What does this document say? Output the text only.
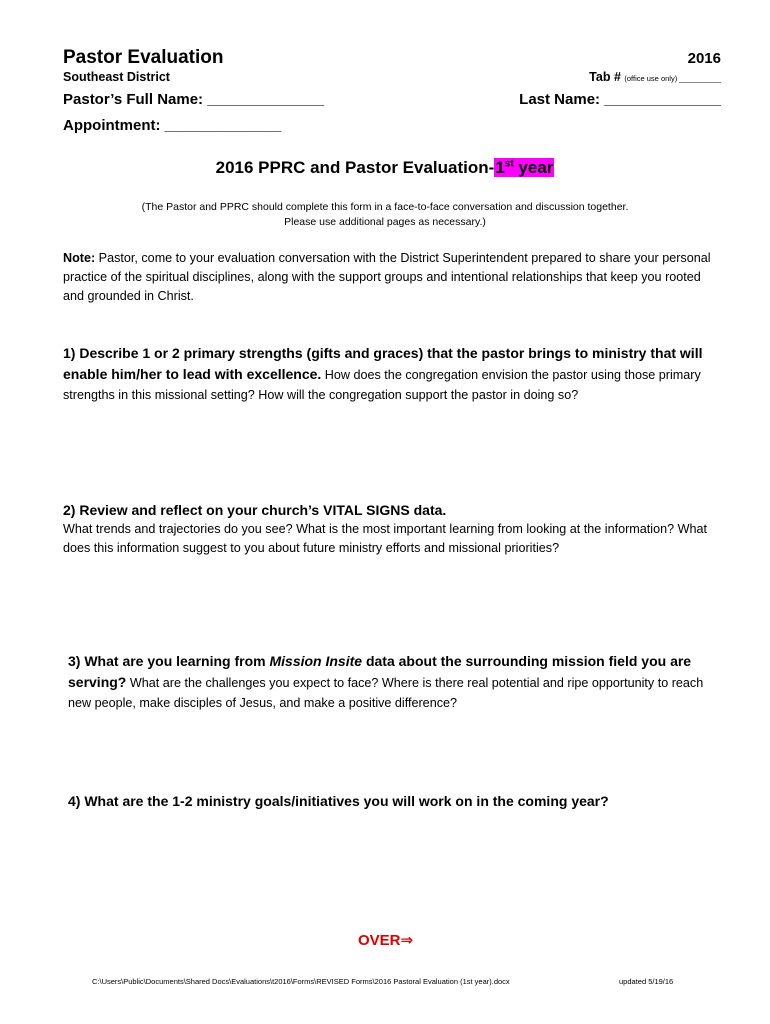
Pastor Evaluation	2016
Southeast District	Tab # (office use only) __________
Pastor’s Full Name: ______________	Last Name: ______________
Appointment: ______________
2016 PPRC and Pastor Evaluation-1st year
(The Pastor and PPRC should complete this form in a face-to-face conversation and discussion together.
Please use additional pages as necessary.)
Note: Pastor, come to your evaluation conversation with the District Superintendent prepared to share your personal practice of the spiritual disciplines, along with the support groups and intentional relationships that keep you rooted and grounded in Christ.
1) Describe 1 or 2 primary strengths (gifts and graces) that the pastor brings to ministry that will enable him/her to lead with excellence. How does the congregation envision the pastor using those primary strengths in this missional setting? How will the congregation support the pastor in doing so?
2) Review and reflect on your church’s VITAL SIGNS data.
What trends and trajectories do you see? What is the most important learning from looking at the information? What does this information suggest to you about future ministry efforts and missional priorities?
3) What are you learning from Mission Insite data about the surrounding mission field you are serving? What are the challenges you expect to face? Where is there real potential and ripe opportunity to reach new people, make disciples of Jesus, and make a positive difference?
4) What are the 1-2 ministry goals/initiatives you will work on in the coming year?
OVER⇒
C:\Users\Public\Documents\Shared Docs\Evaluations\t2016\Forms\REVISED Forms\2016 Pastoral Evaluation (1st year).docx	updated 5/19/16
